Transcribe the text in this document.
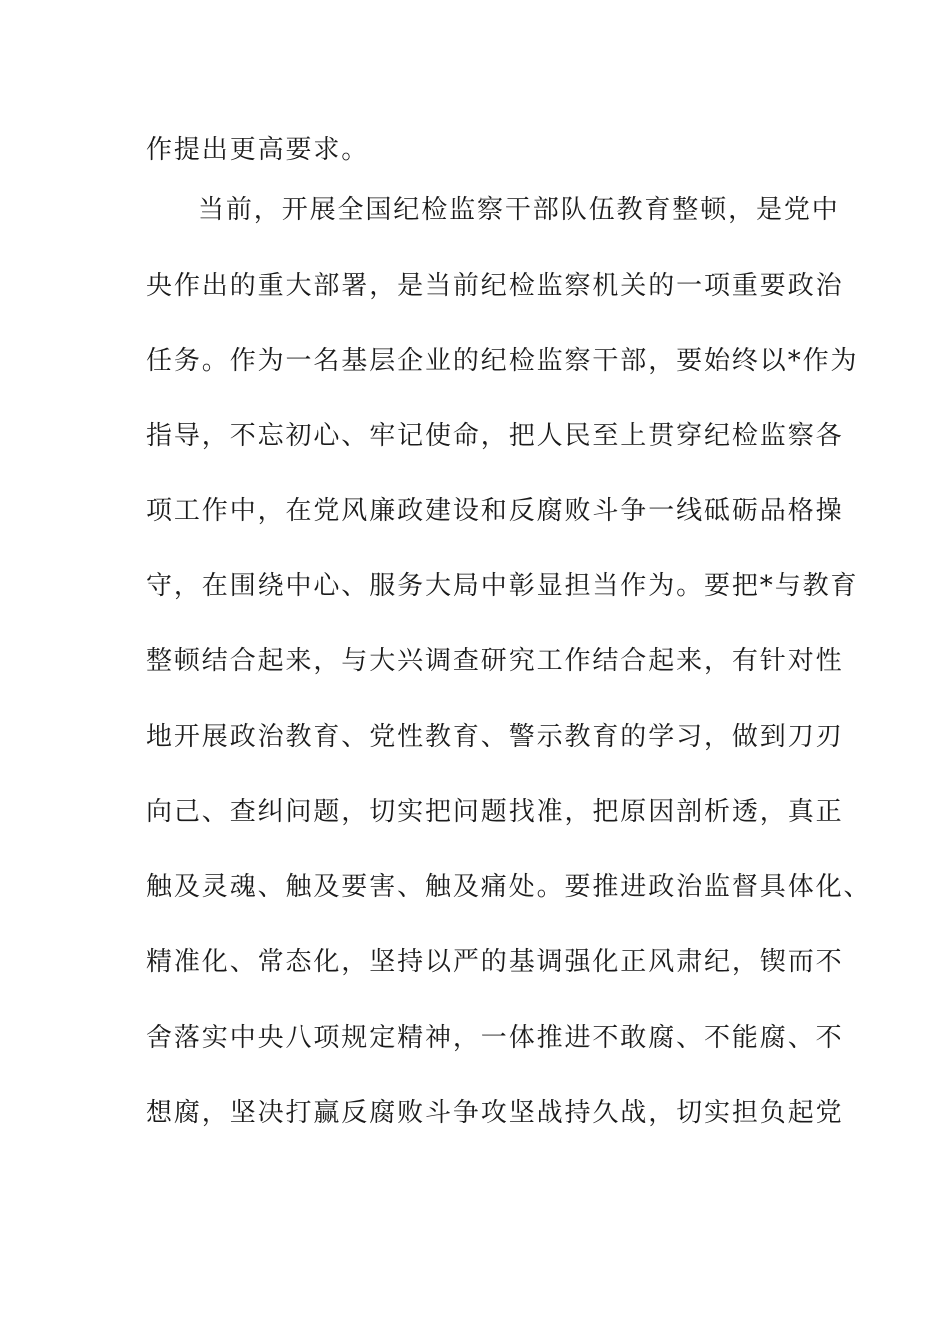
作提出更高要求。
当前，开展全国纪检监察干部队伍教育整顿，是党中
央作出的重大部署，是当前纪检监察机关的一项重要政治
任务。作为一名基层企业的纪检监察干部，要始终以*作为
指导，不忘初心、牢记使命，把人民至上贯穿纪检监察各
项工作中，在党风廉政建设和反腐败斗争一线砥砺品格操
守，在围绕中心、服务大局中彰显担当作为。要把*与教育
整顿结合起来，与大兴调查研究工作结合起来，有针对性
地开展政治教育、党性教育、警示教育的学习，做到刀刃
向己、查纠问题，切实把问题找准，把原因剖析透，真正
触及灵魂、触及要害、触及痛处。要推进政治监督具体化、
精准化、常态化，坚持以严的基调强化正风肃纪，锲而不
舍落实中央八项规定精神，一体推进不敢腐、不能腐、不
想腐，坚决打赢反腐败斗争攻坚战持久战，切实担负起党
